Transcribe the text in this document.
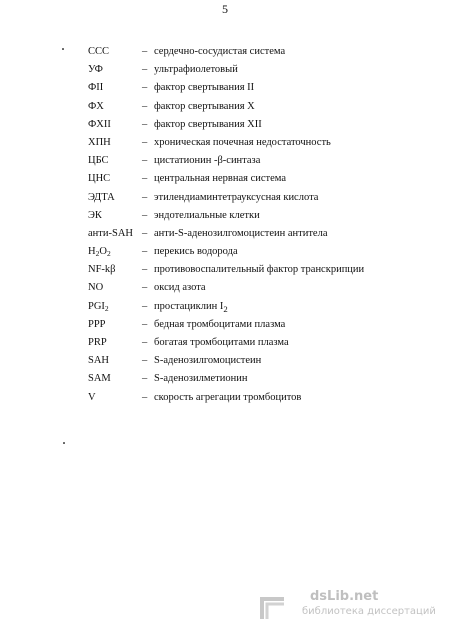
5
ССС	– сердечно-сосудистая система
УФ	– ультрафиолетовый
ФII	– фактор свертывания II
ФХ	– фактор свертывания Х
ФХII	– фактор свертывания XII
ХПН	– хроническая почечная недостаточность
ЦБС	– цистатионин -β-синтаза
ЦНС	– центральная нервная система
ЭДТА	– этилендиаминтетрауксусная кислота
ЭК	– эндотелиальные клетки
анти-SAH – анти-S-аденозилгомоцистеин антитела
$H_2O_2$	– перекись водорода
NF-kβ	– противовоспалительный фактор транскрипции
NO	– оксид азота
$PGI_2$	– простациклин $I_2$
PPP	– бедная тромбоцитами плазма
PRP	– богатая тромбоцитами плазма
SAH	– S-аденозилгомоцистеин
SAM	– S-аденозилметионин
V	– скорость агрегации тромбоцитов
dsLib.net
библиотека диссертаций
